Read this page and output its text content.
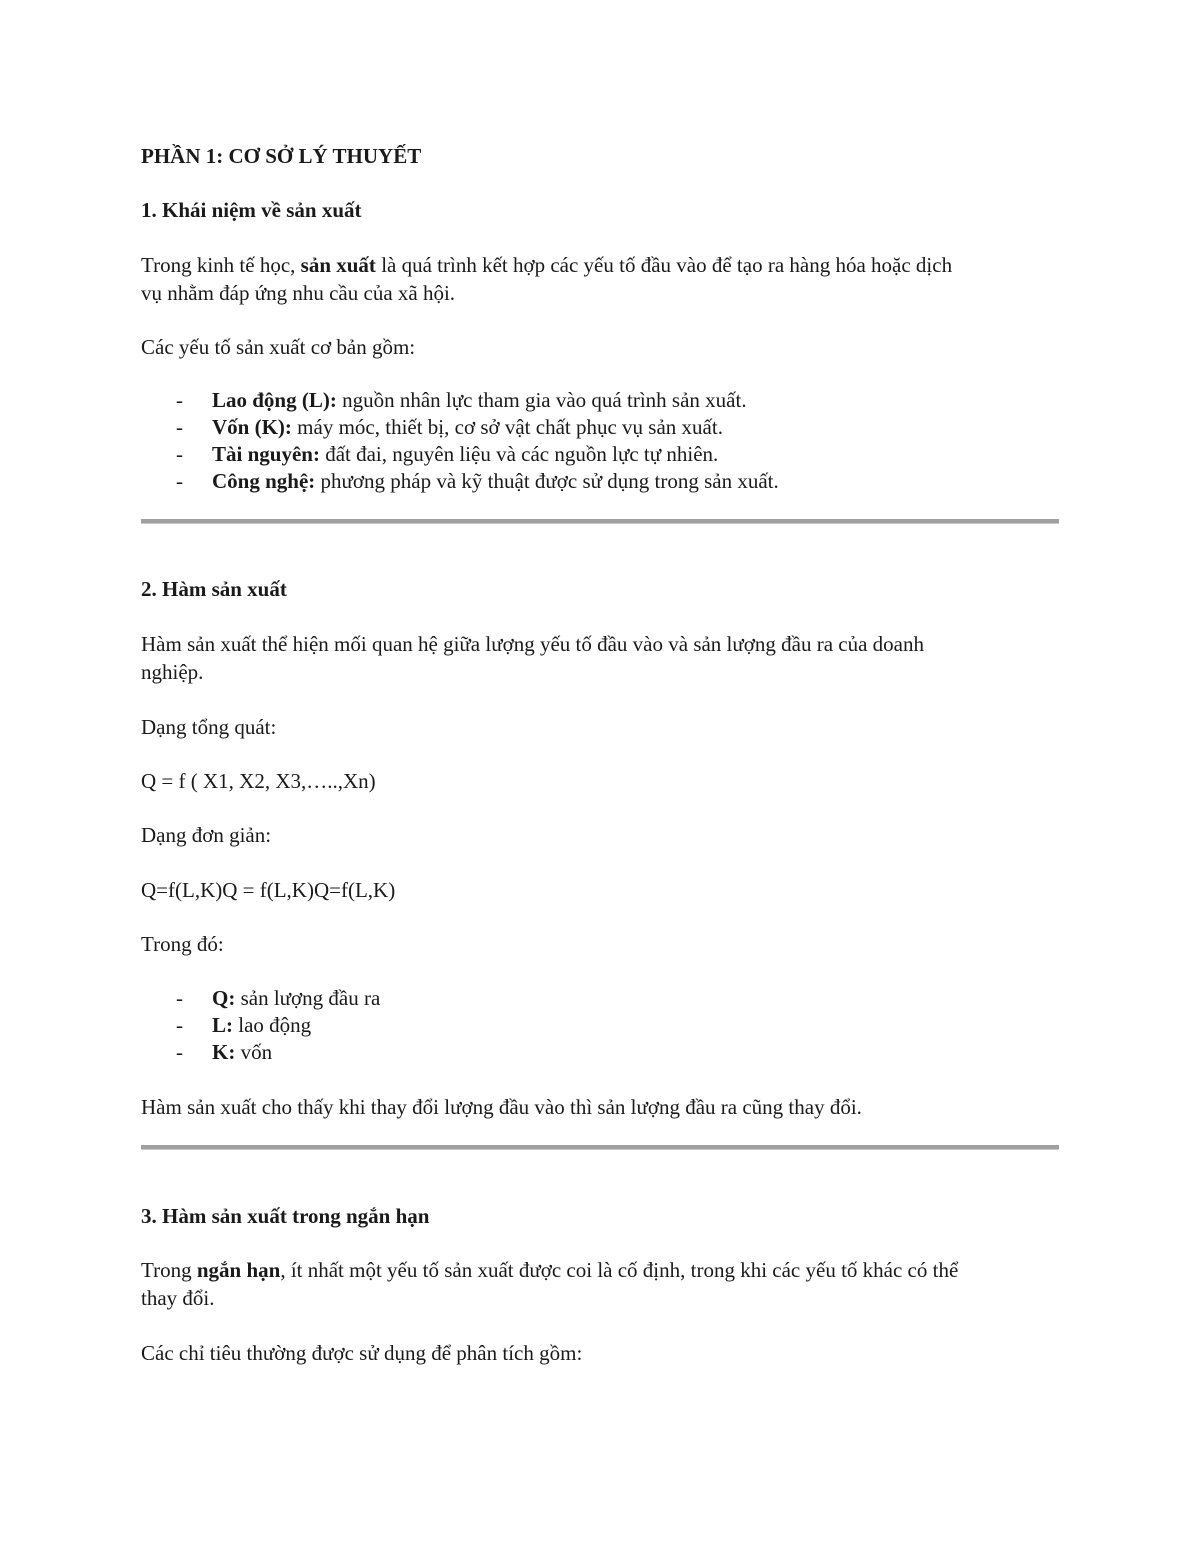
PHẦN 1: CƠ SỞ LÝ THUYẾT

1. Khái niệm về sản xuất

Trong kinh tế học, sản xuất là quá trình kết hợp các yếu tố đầu vào để tạo ra hàng hóa hoặc dịch

vụ nhằm đáp ứng nhu cầu của xã hội.

Các yếu tố sản xuất cơ bản gồm:

- Lao động (L): nguồn nhân lực tham gia vào quá trình sản xuất.
- Vốn (K): máy móc, thiết bị, cơ sở vật chất phục vụ sản xuất.
- Tài nguyên: đất đai, nguyên liệu và các nguồn lực tự nhiên.
- Công nghệ: phương pháp và kỹ thuật được sử dụng trong sản xuất.

2. Hàm sản xuất

Hàm sản xuất thể hiện mối quan hệ giữa lượng yếu tố đầu vào và sản lượng đầu ra của doanh

nghiệp.

Dạng tổng quát:

Q = f ( X1, X2, X3,…..,Xn)

Dạng đơn giản:

Q=f(L,K)Q = f(L,K)Q=f(L,K)

Trong đó:

- Q: sản lượng đầu ra
- L: lao động
- K: vốn

Hàm sản xuất cho thấy khi thay đổi lượng đầu vào thì sản lượng đầu ra cũng thay đổi.

3. Hàm sản xuất trong ngắn hạn

Trong ngắn hạn, ít nhất một yếu tố sản xuất được coi là cố định, trong khi các yếu tố khác có thể

thay đổi.

Các chỉ tiêu thường được sử dụng để phân tích gồm:
